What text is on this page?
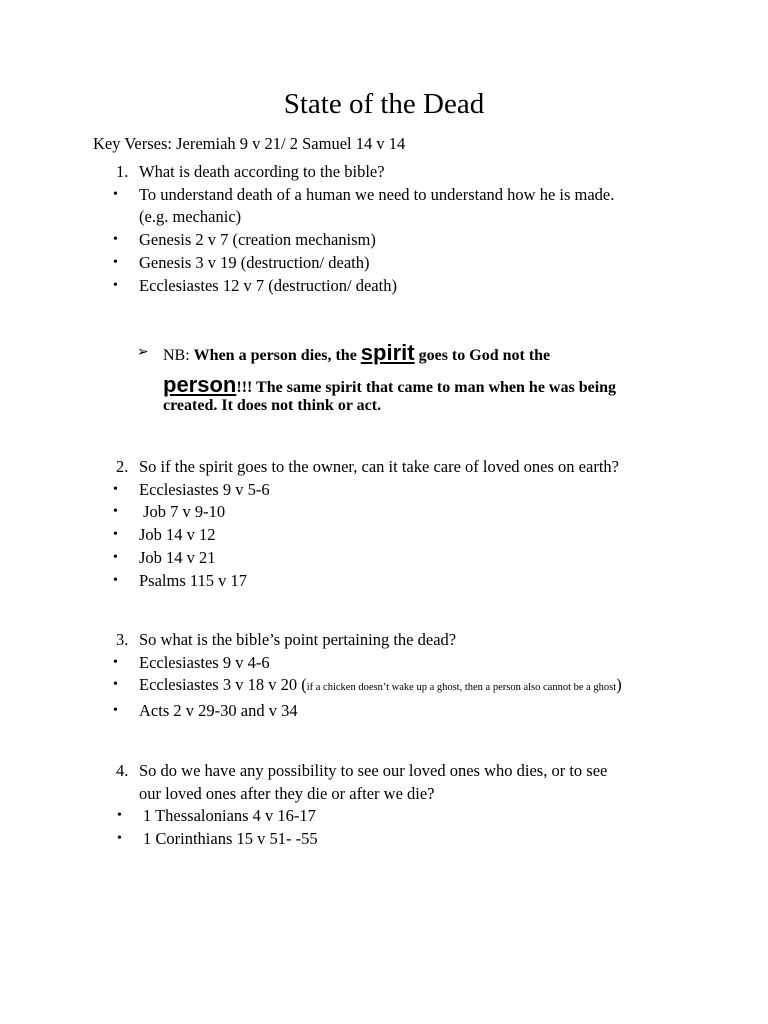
State of the Dead
Key Verses: Jeremiah 9 v 21/ 2 Samuel 14 v 14
1. What is death according to the bible?
•	To understand death of a human we need to understand how he is made.
(e.g. mechanic)
•	Genesis 2 v 7 (creation mechanism)
•	Genesis 3 v 19 (destruction/ death)
•	Ecclesiastes 12 v 7 (destruction/ death)
➢ NB: When a person dies, the spirit goes to God not the
person!!! The same spirit that came to man when he was being
created. It does not think or act.
2. So if the spirit goes to the owner, can it take care of loved ones on earth?
•	Ecclesiastes 9 v 5-6
•	Job 7 v 9-10
•	Job 14 v 12
•	Job 14 v 21
•	Psalms 115 v 17
3. So what is the bible’s point pertaining the dead?
•	Ecclesiastes 9 v 4-6
•	Ecclesiastes 3 v 18 v 20 (if a chicken doesn’t wake up a ghost, then a person also cannot be a ghost)
•	Acts 2 v 29-30 and v 34
4. So do we have any possibility to see our loved ones who dies, or to see
our loved ones after they die or after we die?
•	1 Thessalonians 4 v 16-17
•	1 Corinthians 15 v 51- -55
